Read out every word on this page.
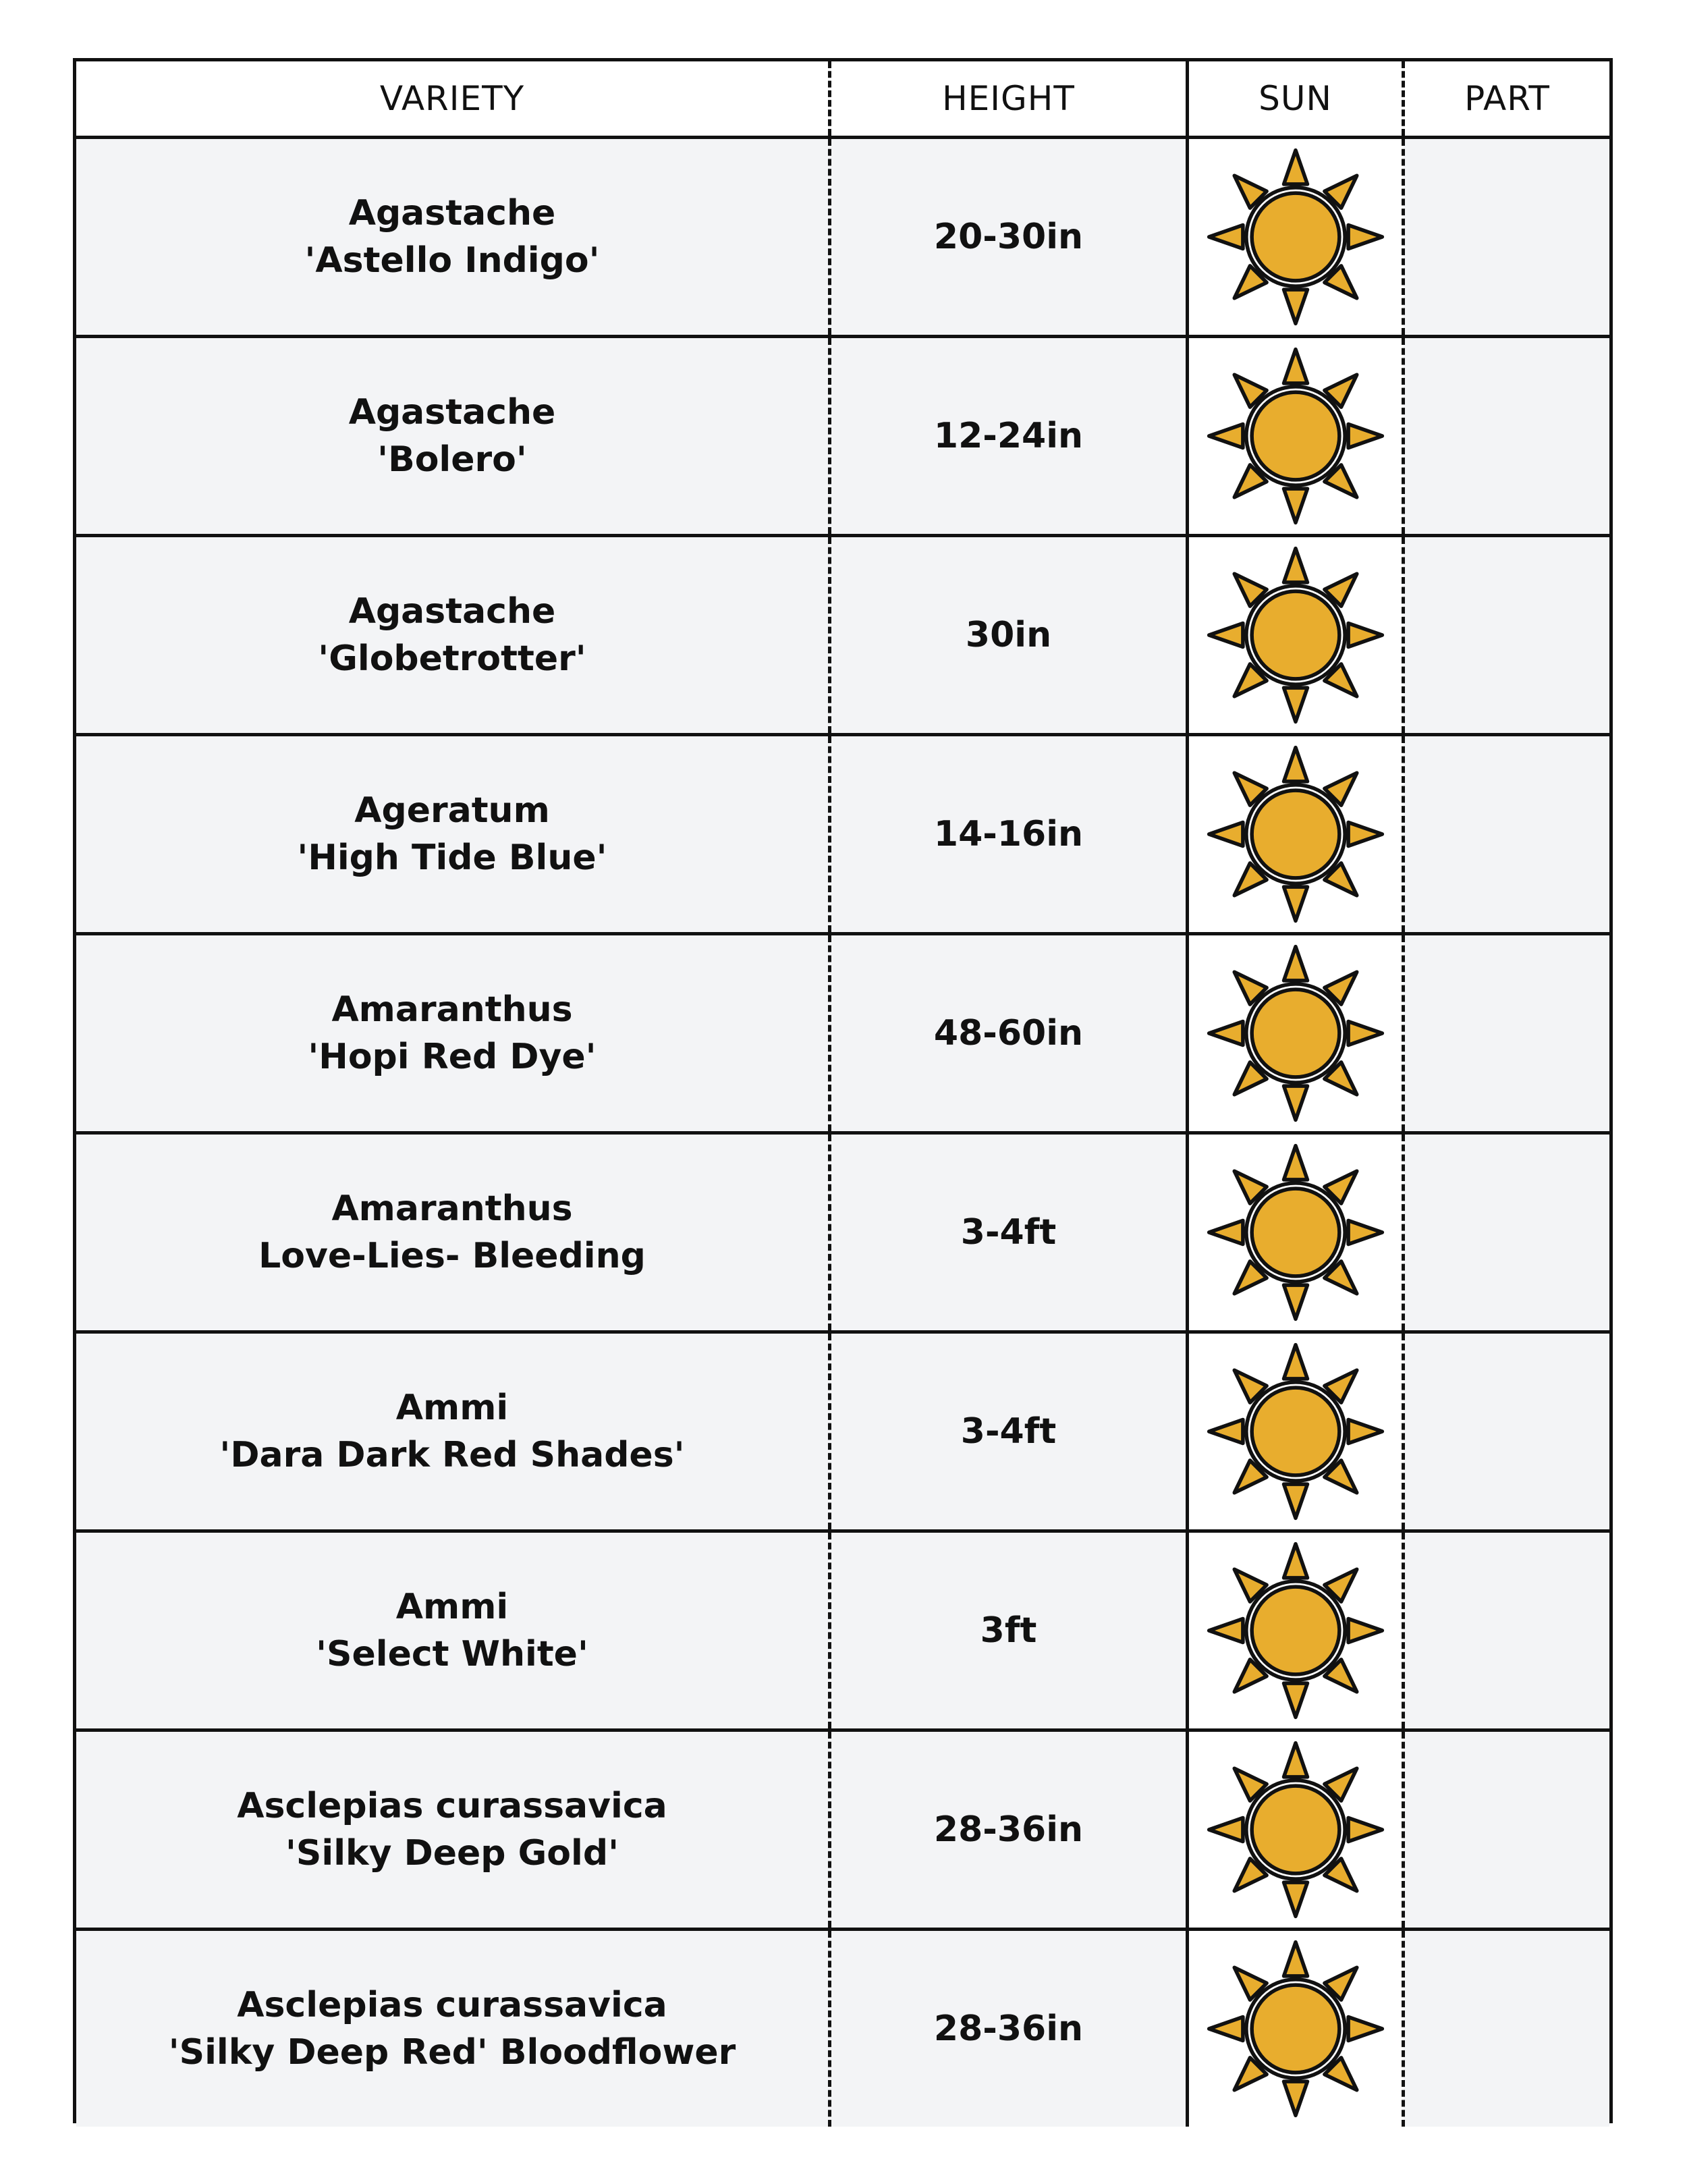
VARIETY	HEIGHT	SUN	PART

Agastache
'Astello Indigo'	20-30in	

Agastache
'Bolero'	12-24in	

Agastache
'Globetrotter'	30in	

Ageratum
'High Tide Blue'	14-16in	

Amaranthus
'Hopi Red Dye'	48-60in	

Amaranthus
Love-Lies- Bleeding	3-4ft	

Ammi
'Dara Dark Red Shades'	3-4ft	

Ammi
'Select White'	3ft	

Asclepias curassavica
'Silky Deep Gold'	28-36in	

Asclepias curassavica
'Silky Deep Red' Bloodflower	28-36in	
